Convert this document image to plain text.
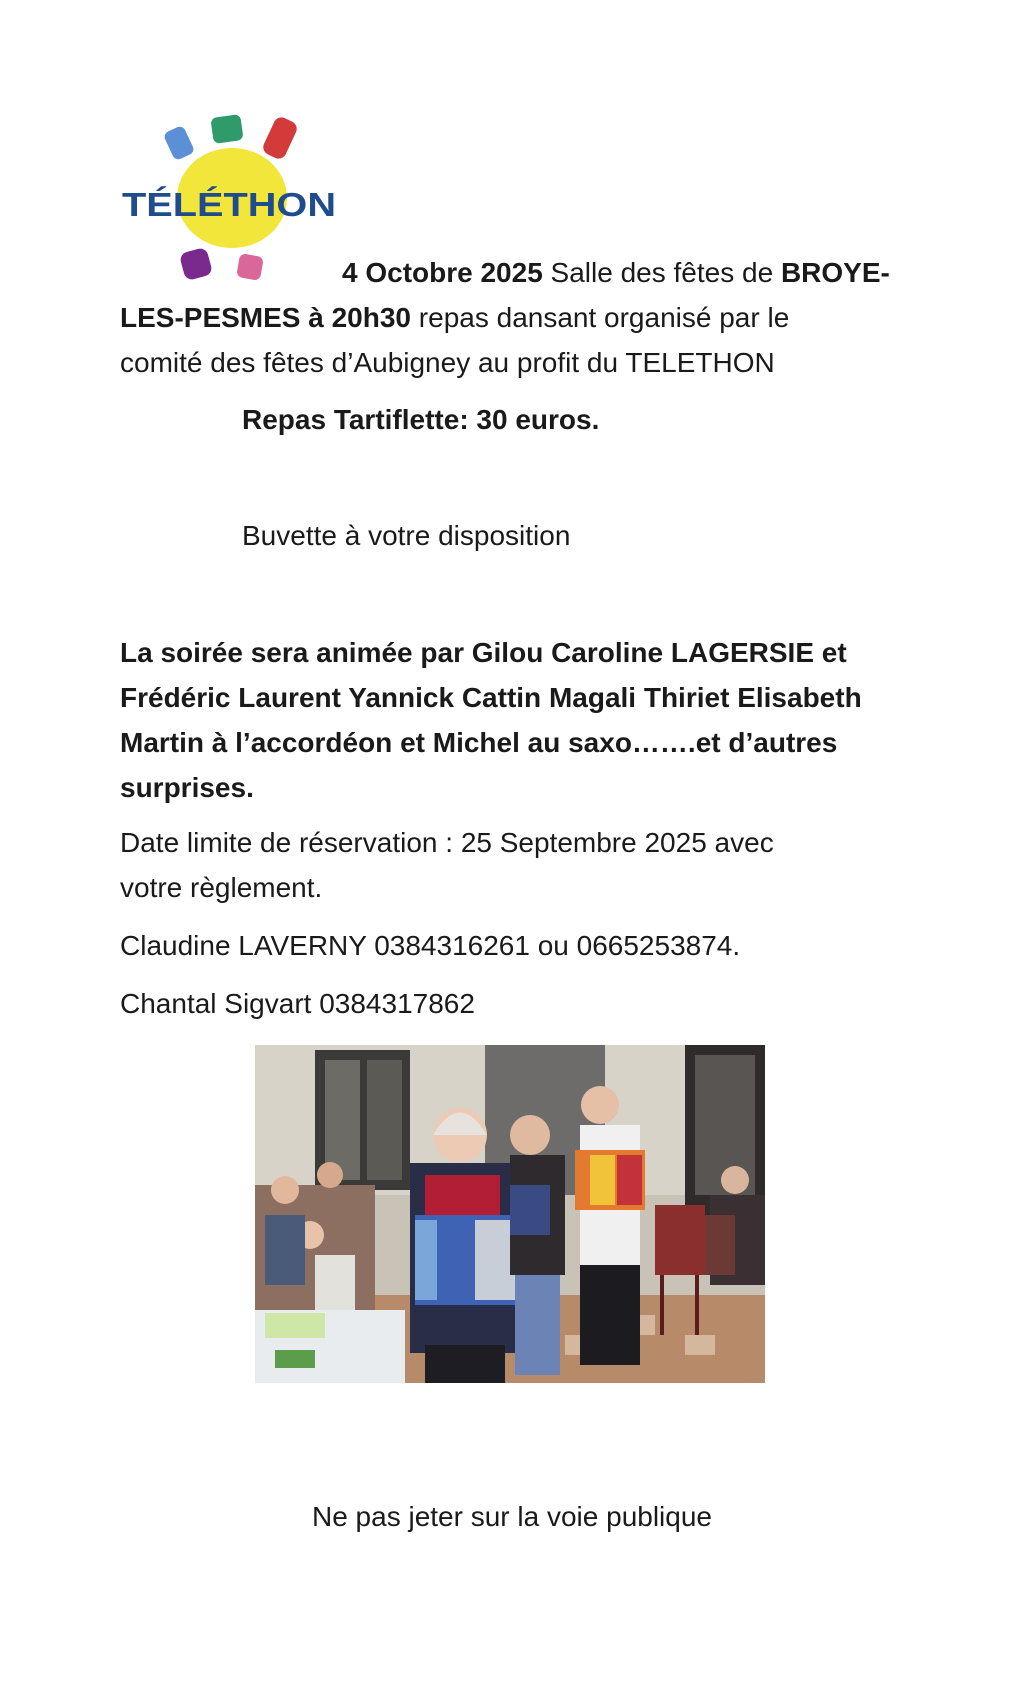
TÉLÉTHON
4 Octobre 2025 Salle des fêtes de BROYE-
LES-PESMES à 20h30 repas dansant organisé par le
comité des fêtes d’Aubigney au profit du TELETHON
Repas Tartiflette: 30 euros.
Buvette à votre disposition
La soirée sera animée par Gilou Caroline LAGERSIE et
Frédéric Laurent Yannick Cattin Magali Thiriet Elisabeth
Martin à l’accordéon et Michel au saxo…….et d’autres
surprises.
Date limite de réservation : 25 Septembre 2025 avec
votre règlement.
Claudine LAVERNY 0384316261 ou 0665253874.
Chantal Sigvart 0384317862
Ne pas jeter sur la voie publique
